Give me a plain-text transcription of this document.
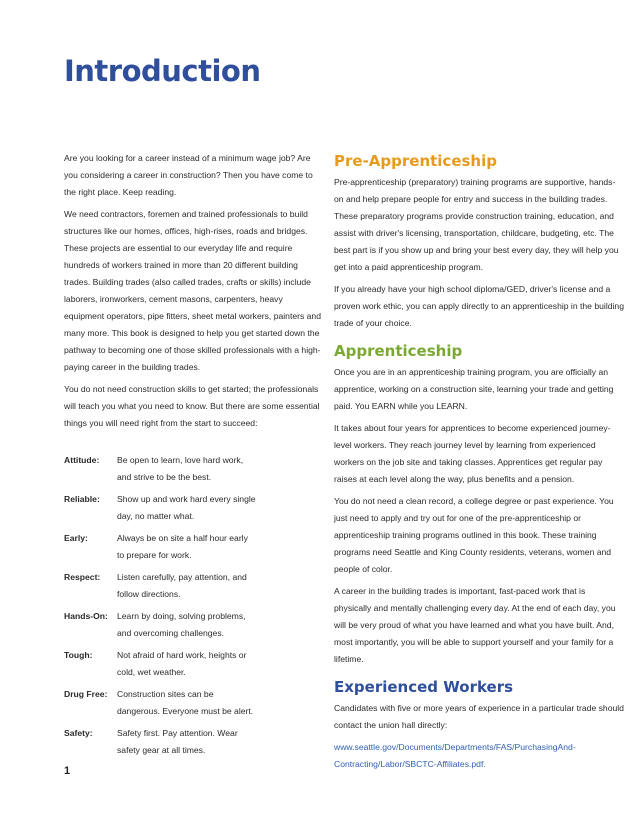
Introduction

Are you looking for a career instead of a minimum wage job? Are you considering a career in construction? Then you have come to the right place. Keep reading.

We need contractors, foremen and trained professionals to build structures like our homes, offices, high-rises, roads and bridges. These projects are essential to our everyday life and require hundreds of workers trained in more than 20 different building trades. Building trades (also called trades, crafts or skills) include laborers, ironworkers, cement masons, carpenters, heavy equipment operators, pipe fitters, sheet metal workers, painters and many more. This book is designed to help you get started down the pathway to becoming one of those skilled professionals with a high-paying career in the building trades.

You do not need construction skills to get started; the professionals will teach you what you need to know. But there are some essential things you will need right from the start to succeed:

Attitude:	Be open to learn, love hard work, and strive to be the best.
Reliable:	Show up and work hard every single day, no matter what.
Early:	Always be on site a half hour early to prepare for work.
Respect:	Listen carefully, pay attention, and follow directions.
Hands-On:	Learn by doing, solving problems, and overcoming challenges.
Tough:	Not afraid of hard work, heights or cold, wet weather.
Drug Free:	Construction sites can be dangerous. Everyone must be alert.
Safety:	Safety first. Pay attention. Wear safety gear at all times.
Pre-Apprenticeship

Pre-apprenticeship (preparatory) training programs are supportive, hands-on and help prepare people for entry and success in the building trades. These preparatory programs provide construction training, education, and assist with driver's licensing, transportation, childcare, budgeting, etc. The best part is if you show up and bring your best every day, they will help you get into a paid apprenticeship program.

If you already have your high school diploma/GED, driver's license and a proven work ethic, you can apply directly to an apprenticeship in the building trade of your choice.

Apprenticeship

Once you are in an apprenticeship training program, you are officially an apprentice, working on a construction site, learning your trade and getting paid. You EARN while you LEARN.

It takes about four years for apprentices to become experienced journey-level workers. They reach journey level by learning from experienced workers on the job site and taking classes. Apprentices get regular pay raises at each level along the way, plus benefits and a pension.

You do not need a clean record, a college degree or past experience. You just need to apply and try out for one of the pre-apprenticeship or apprenticeship training programs outlined in this book. These training programs need Seattle and King County residents, veterans, women and people of color.

A career in the building trades is important, fast-paced work that is physically and mentally challenging every day. At the end of each day, you will be very proud of what you have learned and what you have built. And, most importantly, you will be able to support yourself and your family for a lifetime.

Experienced Workers

Candidates with five or more years of experience in a particular trade should contact the union hall directly:

www.seattle.gov/Documents/Departments/FAS/PurchasingAnd-Contracting/Labor/SBCTC-Affiliates.pdf.

1
